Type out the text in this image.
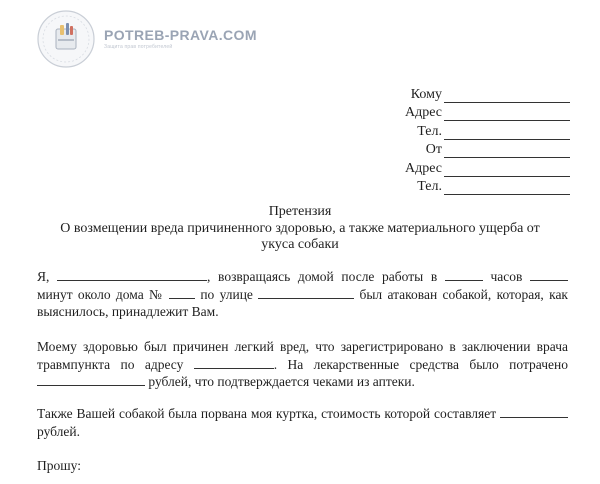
POTREB-PRAVA.COM
Защита прав потребителей
Кому
Адрес
Тел.
От
Адрес
Тел.
Претензия
О возмещении вреда причиненного здоровью, а также материального ущерба от
укуса собаки
Я,	, возвращаясь домой после работы в	часов  минут около дома №	по улице	был атакован собакой, которая, как выяснилось, принадлежит Вам.
Моему здоровью был причинен легкий вред, что зарегистрировано в заключении врача травмпункта по адресу	. На лекарственные средства было потрачено  рублей, что подтверждается чеками из аптеки.
Также Вашей собакой была порвана моя куртка, стоимость которой составляет  рублей.
Прошу:
